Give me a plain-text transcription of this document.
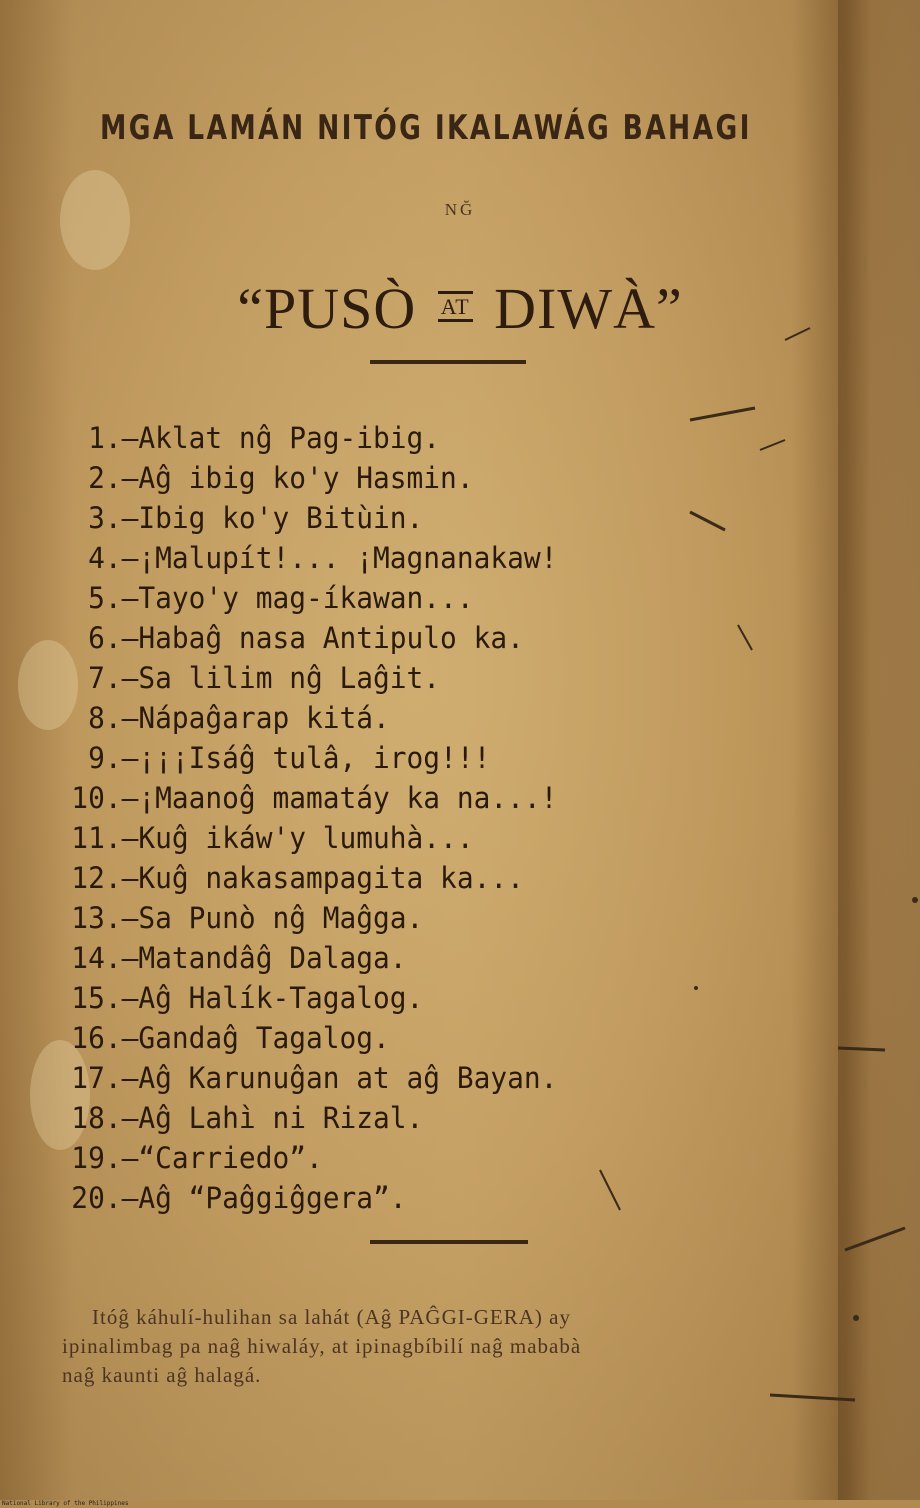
MGA LAMÁN NITÓG IKALAWÁG BAHAGI
NĞ
“PUSÒ $^{AT}$ DIWÀ”
1.—Aklat nĝ Pag-ibig.
2.—Aĝ ibig ko'y Hasmin.
3.—Ibig ko'y Bitùin.
4.—¡Malupít!... ¡Magnanakaw!
5.—Tayo'y mag-íkawan...
6.—Habaĝ nasa Antipulo ka.
7.—Sa lilim nĝ Laĝit.
8.—Nápaĝarap kitá.
9.—¡¡¡Isáĝ tulâ, irog!!!
10.—¡Maanoĝ mamatáy ka na...!
11.—Kuĝ ikáw'y lumuhà...
12.—Kuĝ nakasampagita ka...
13.—Sa Punò nĝ Maĝga.
14.—Matandâĝ Dalaga.
15.—Aĝ Halík-Tagalog.
16.—Gandaĝ Tagalog.
17.—Aĝ Karunuĝan at aĝ Bayan.
18.—Aĝ Lahì ni Rizal.
19.—“Carriedo”.
20.—Aĝ “Paĝgiĝgera”.
Itóĝ káhulí-hulihan sa lahát (Aĝ PAĜGI-GERA) ay
ipinalimbag pa naĝ hiwaláy, at ipinagbíbilí naĝ mababà
naĝ kaunti aĝ halagá.
National Library of the Philippines
